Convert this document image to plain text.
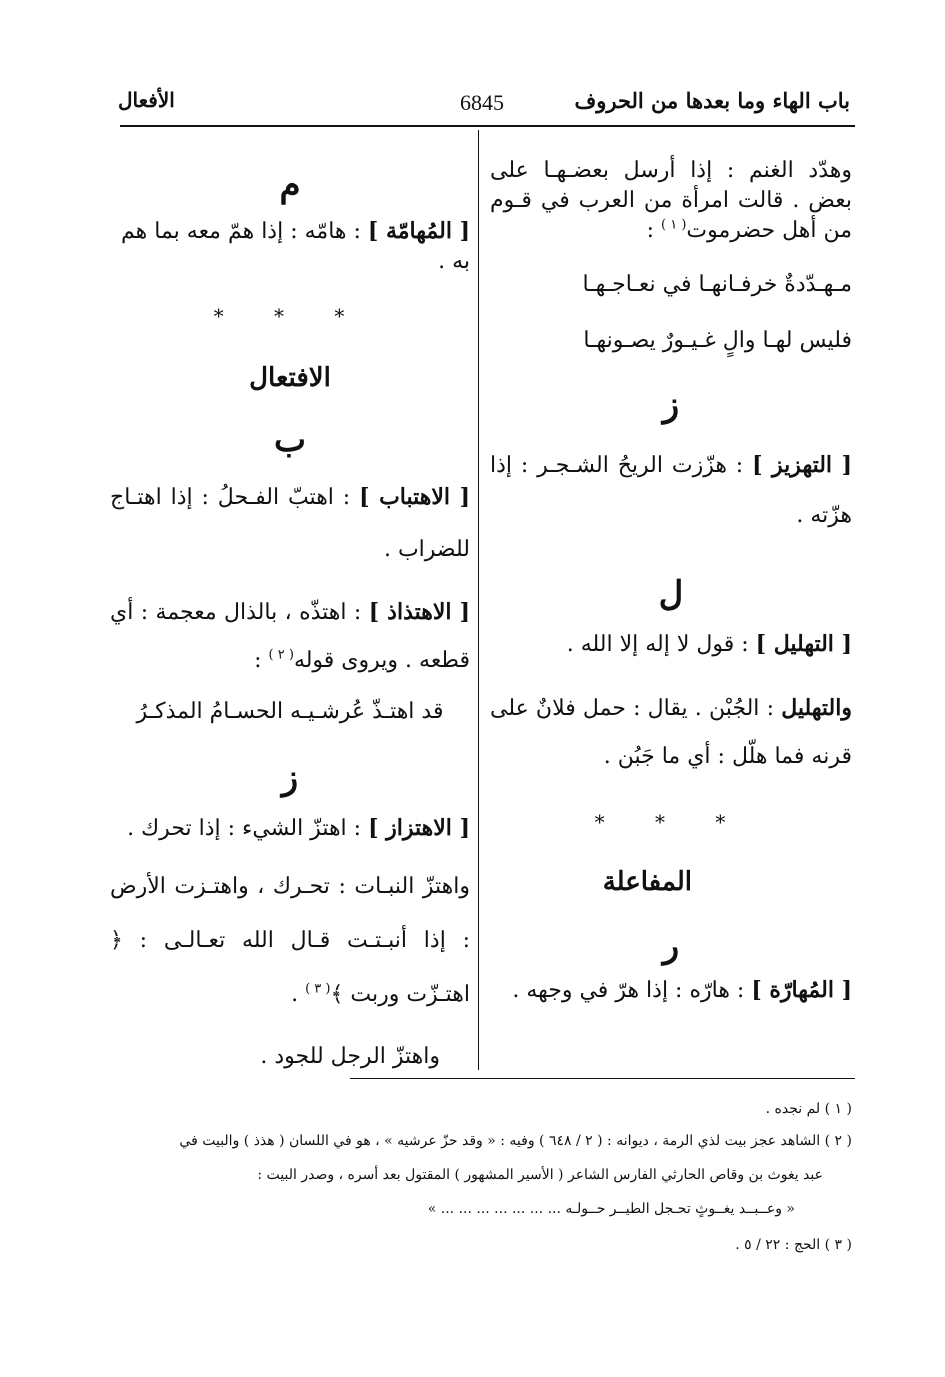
باب الهاء وما بعدها من الحروف
6845
الأفعال

وهدّد الغنم : إذا أرسل بعضـهـا على بعض . قالت امرأة من العرب في قـوم من أهل حضرموت$^{( ١ )}$ :

مـهـدّدةٌ خرفـانهـا في نعـاجـهـا

فليس لهـا والٍ غـيـورٌ يصـونهـا

ز

[ التهزيز ] : هزّزت الريحُ الشـجـر : إذا هزّته .

ل

[ التهليل ] : قول لا إله إلا الله .

والتهليل : الجُبْن . يقال : حمل فلانٌ على قرنه فما هلّل : أي ما جَبُن .

* * *
المفاعلة
ر

[ المُهارّة ] : هارّه : إذا هرّ في وجهه .

م

[ المُهامّة ] : هامّه : إذا همّ معه بما هم به .

* * *
الافتعال
ب

[ الاهتباب ] : اهتبّ الفـحلُ : إذا اهتـاج للضراب .

[ الاهتذاذ ] : اهتذّه ، بالذال معجمة : أي قطعه . ويروى قوله$^{( ٢ )}$ :

قد اهتـذّ عُرشـيـه الحسـامُ المذكـرُ

ز

[ الاهتزاز ] : اهتزّ الشيء : إذا تحرك .

واهتزّ النبـات : تحـرك ، واهتـزت الأرض : إذا أنبـتـت قـال الله تعـالـى : ﴿ اهتـزّت وربت ﴾$^{( ٣ )}$ .

واهتزّ الرجل للجود .

( ١ ) لم نجده .
( ٢ ) الشاهد عجز بيت لذي الرمة ، ديوانه : ( ٢ / ٦٤٨ ) وفيه : « وقد حزّ عرشيه » ، هو في اللسان ( هذذ ) والبيت في
عبد يغوث بن وقاص الحارثي الفارس الشاعر ( الأسير المشهور ) المقتول بعد أسره ، وصدر البيت :
« وعــبــد يغــوثٍ تحـجل الطيــر حــولـه ... ... ... ... ... ... ... »
( ٣ ) الحج : ٢٢ / ٥ .
